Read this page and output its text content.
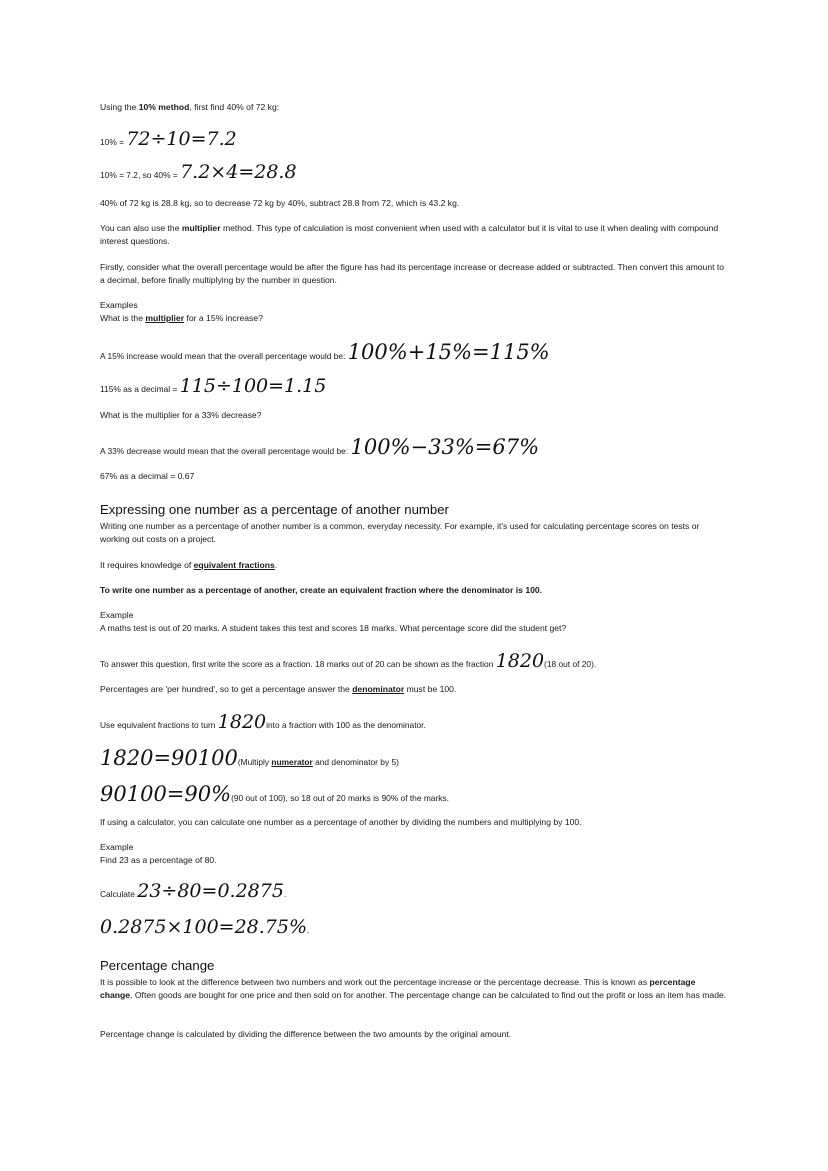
Using the 10% method, first find 40% of 72 kg:
10% = 72÷10=7.2
10% = 7.2, so 40% = 7.2×4=28.8
40% of 72 kg is 28.8 kg, so to decrease 72 kg by 40%, subtract 28.8 from 72, which is 43.2 kg.
You can also use the multiplier method. This type of calculation is most convenient when used with a calculator but it is vital to use it when dealing with compound interest questions.
Firstly, consider what the overall percentage would be after the figure has had its percentage increase or decrease added or subtracted. Then convert this amount to a decimal, before finally multiplying by the number in question.
Examples
What is the multiplier for a 15% increase?
A 15% increase would mean that the overall percentage would be: 100%+15%=115%
115% as a decimal = 115÷100=1.15
What is the multiplier for a 33% decrease?
A 33% decrease would mean that the overall percentage would be: 100%−33%=67%
67% as a decimal = 0.67
Expressing one number as a percentage of another number
Writing one number as a percentage of another number is a common, everyday necessity. For example, it's used for calculating percentage scores on tests or working out costs on a project.
It requires knowledge of equivalent fractions.
To write one number as a percentage of another, create an equivalent fraction where the denominator is 100.
Example
A maths test is out of 20 marks. A student takes this test and scores 18 marks. What percentage score did the student get?
To answer this question, first write the score as a fraction. 18 marks out of 20 can be shown as the fraction 1820(18 out of 20).
Percentages are 'per hundred', so to get a percentage answer the denominator must be 100.
Use equivalent fractions to turn 1820into a fraction with 100 as the denominator.
1820=90100(Multiply numerator and denominator by 5)
90100=90%(90 out of 100), so 18 out of 20 marks is 90% of the marks.
If using a calculator, you can calculate one number as a percentage of another by dividing the numbers and multiplying by 100.
Example
Find 23 as a percentage of 80.
Calculate 23÷80=0.2875.
0.2875×100=28.75%.
Percentage change
It is possible to look at the difference between two numbers and work out the percentage increase or the percentage decrease. This is known as percentage change. Often goods are bought for one price and then sold on for another. The percentage change can be calculated to find out the profit or loss an item has made.
Percentage change is calculated by dividing the difference between the two amounts by the original amount.
